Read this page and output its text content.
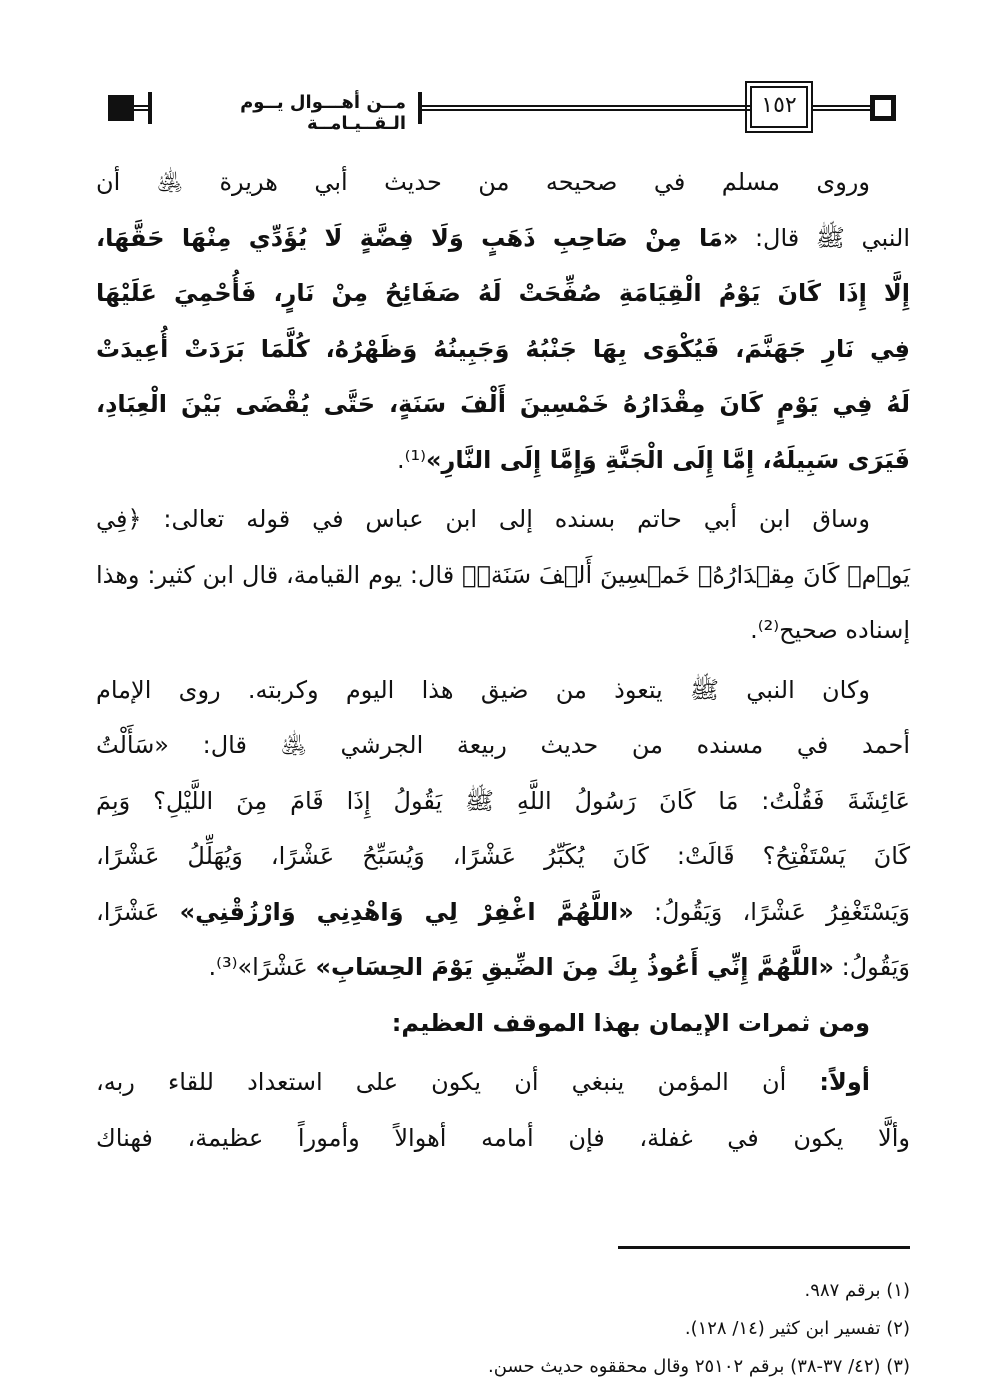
مــن أهـــوال يــوم الـقــيـامــة
١٥٢
وروى مسلم في صحيحه من حديث أبي هريرة ﵁ أن
النبي ﷺ قال: «مَا مِنْ صَاحِبِ ذَهَبٍ وَلَا فِضَّةٍ لَا يُؤَدِّي مِنْهَا حَقَّهَا،
إِلَّا إِذَا كَانَ يَوْمُ الْقِيَامَةِ صُفِّحَتْ لَهُ صَفَائِحُ مِنْ نَارٍ، فَأُحْمِيَ عَلَيْهَا
فِي نَارِ جَهَنَّمَ، فَيُكْوَى بِهَا جَنْبُهُ وَجَبِينُهُ وَظَهْرُهُ، كُلَّمَا بَرَدَتْ أُعِيدَتْ
لَهُ فِي يَوْمٍ كَانَ مِقْدَارُهُ خَمْسِينَ أَلْفَ سَنَةٍ، حَتَّى يُقْضَى بَيْنَ الْعِبَادِ،
فَيَرَى سَبِيلَهُ، إِمَّا إِلَى الْجَنَّةِ وَإِمَّا إِلَى النَّارِ»⁽¹⁾.
وساق ابن أبي حاتم بسنده إلى ابن عباس في قوله تعالى: ﴿فِي
يَوۡمٖ كَانَ مِقۡدَارُهُۥ خَمۡسِينَ أَلۡفَ سَنَةٖ﴾ قال: يوم القيامة، قال ابن كثير: وهذا
إسناده صحيح⁽²⁾.
وكان النبي ﷺ يتعوذ من ضيق هذا اليوم وكربته. روى الإمام
أحمد في مسنده من حديث ربيعة الجرشي ﵁ قال: «سَأَلْتُ
عَائِشَةَ فَقُلْتُ: مَا كَانَ رَسُولُ اللَّهِ ﷺ يَقُولُ إِذَا قَامَ مِنَ اللَّيْلِ؟ وَبِمَ
كَانَ يَسْتَفْتِحُ؟ قَالَتْ: كَانَ يُكَبِّرُ عَشْرًا، وَيُسَبِّحُ عَشْرًا، وَيُهَلِّلُ عَشْرًا،
وَيَسْتَغْفِرُ عَشْرًا، وَيَقُولُ: «اللَّهُمَّ اغْفِرْ لِي وَاهْدِنِي وَارْزُقْنِي» عَشْرًا،
وَيَقُولُ: «اللَّهُمَّ إِنِّي أَعُوذُ بِكَ مِنَ الضِّيقِ يَوْمَ الحِسَابِ» عَشْرًا»⁽³⁾.
ومن ثمرات الإيمان بهذا الموقف العظيم:
أولاً: أن المؤمن ينبغي أن يكون على استعداد للقاء ربه،
وألَّا يكون في غفلة، فإن أمامه أهوالاً وأموراً عظيمة، فهناك
(١) برقم ٩٨٧.
(٢) تفسير ابن كثير (١٤/ ١٢٨).
(٣) (٤٢/ ٣٧-٣٨) برقم ٢٥١٠٢ وقال محققوه حديث حسن.
